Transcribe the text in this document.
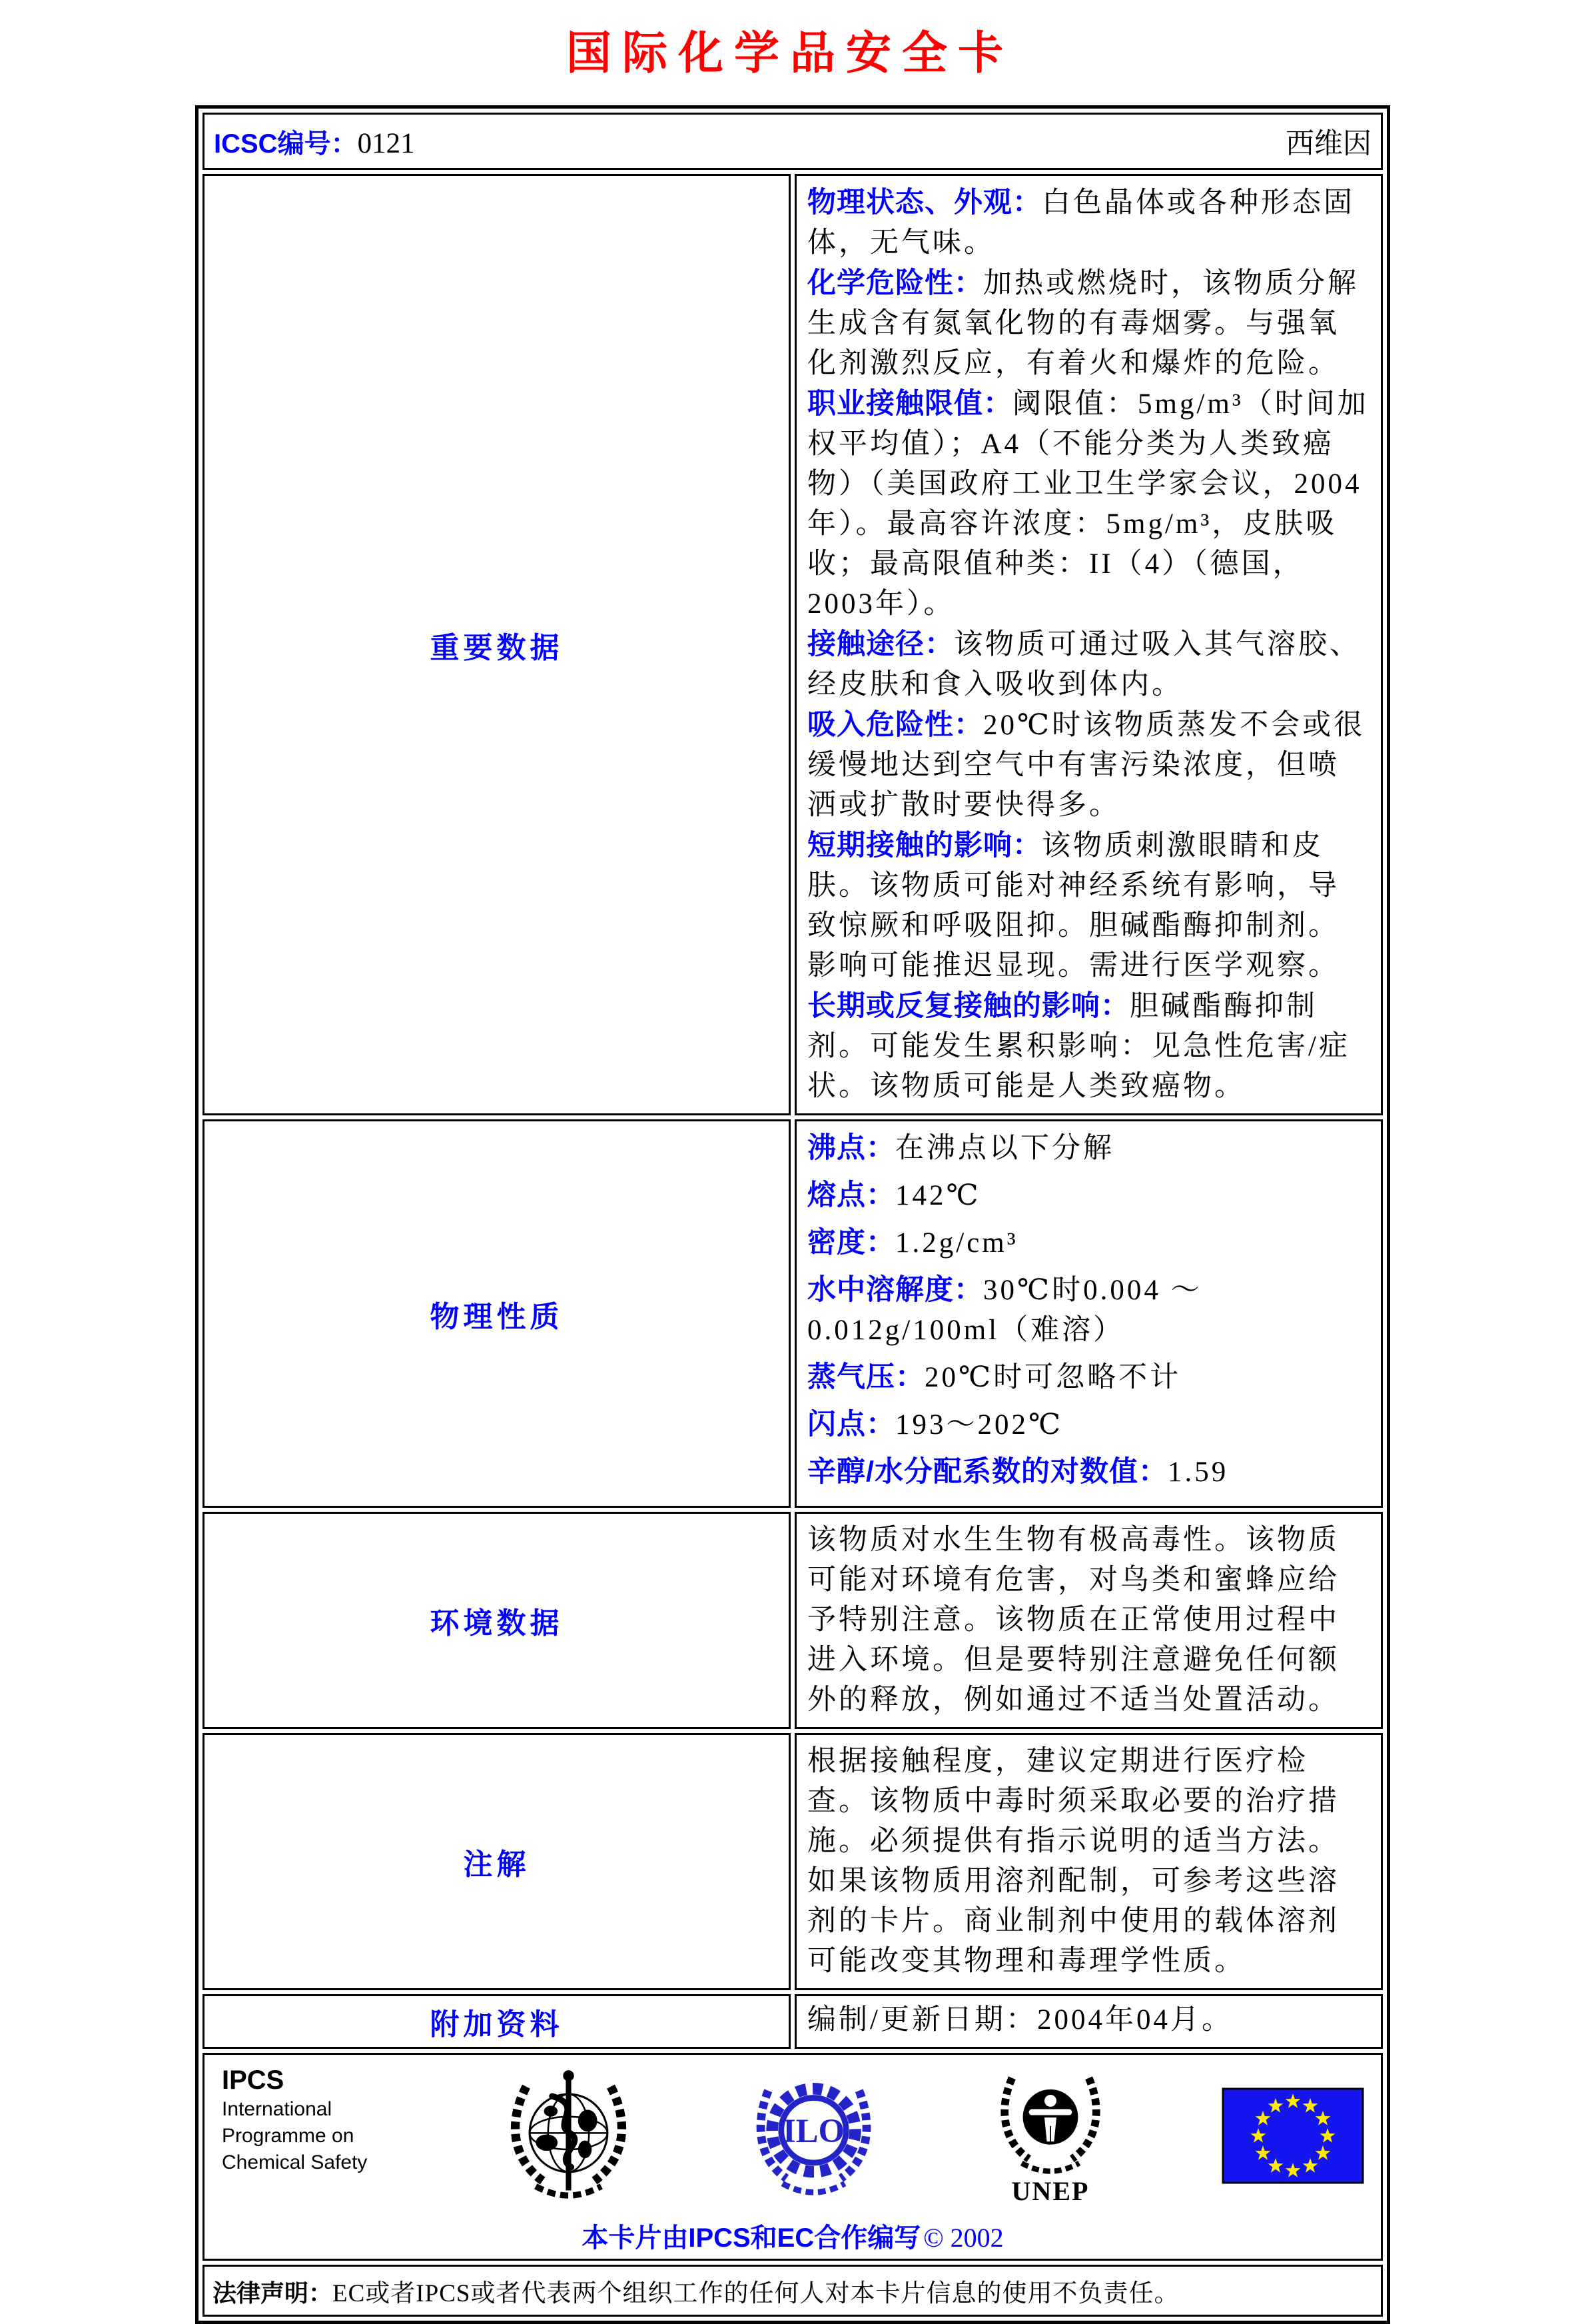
国际化学品安全卡
ICSC编号：0121 西维因	

重要数据	
物理状态、外观：白色晶体或各种形态固体，无气味。
化学危险性：加热或燃烧时，该物质分解生成含有氮氧化物的有毒烟雾。与强氧化剂激烈反应，有着火和爆炸的危险。
职业接触限值：阈限值：5mg/m³（时间加权平均值）；A4（不能分类为人类致癌物）（美国政府工业卫生学家会议，2004年）。最高容许浓度：5mg/m³，皮肤吸收；最高限值种类：II（4）（德国，2003年）。
接触途径：该物质可通过吸入其气溶胶、经皮肤和食入吸收到体内。
吸入危险性：20℃时该物质蒸发不会或很缓慢地达到空气中有害污染浓度，但喷洒或扩散时要快得多。
短期接触的影响：该物质刺激眼睛和皮肤。该物质可能对神经系统有影响，导致惊厥和呼吸阻抑。胆碱酯酶抑制剂。影响可能推迟显现。需进行医学观察。
长期或反复接触的影响：胆碱酯酶抑制剂。可能发生累积影响：见急性危害/症状。该物质可能是人类致癌物。

物理性质	
沸点：在沸点以下分解
熔点：142℃
密度：1.2g/cm³
水中溶解度：30℃时0.004 ～ 0.012g/100ml（难溶）
蒸气压：20℃时可忽略不计
闪点：193～202℃
辛醇/水分配系数的对数值：1.59

环境数据	该物质对水生生物有极高毒性。该物质可能对环境有危害，对鸟类和蜜蜂应给予特别注意。该物质在正常使用过程中进入环境。但是要特别注意避免任何额外的释放，例如通过不适当处置活动。

注解	根据接触程度，建议定期进行医疗检查。该物质中毒时须采取必要的治疗措施。必须提供有指示说明的适当方法。如果该物质用溶剂配制，可参考这些溶剂的卡片。商业制剂中使用的载体溶剂可能改变其物理和毒理学性质。

附加资料	编制/更新日期：2004年04月。

IPCS
International
Programme on
Chemical Safety
ILO
UNEP
本卡片由IPCS和EC合作编写 © 2002

法律声明：EC或者IPCS或者代表两个组织工作的任何人对本卡片信息的使用不负责任。	
